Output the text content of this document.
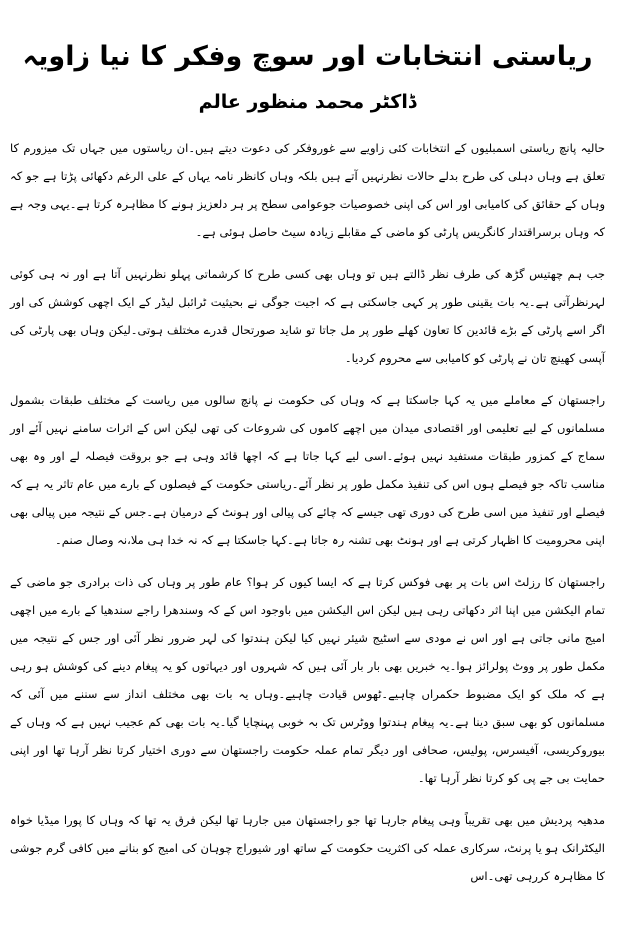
ریاستی انتخابات اور سوچ وفکر کا نیا زاویہ
ڈاکٹر محمد منظور عالم

حالیہ پانچ ریاستی اسمبلیوں کے انتخابات کئی زاویے سے غوروفکر کی دعوت دیتے ہیں۔ان ریاستوں میں جہاں تک میزورم کا تعلق ہے وہاں دہلی کی طرح بدلے حالات نظرنہیں آتے ہیں بلکہ وہاں کانظر نامہ یہاں کے علی الرغم دکھائی پڑتا ہے جو کہ وہاں کے حقائق کی کامیابی اور اس کی اپنی خصوصیات جوعوامی سطح پر ہر دلعزیز ہونے کا مظاہرہ کرتا ہے۔یہی وجہ ہے کہ وہاں برسراقتدار کانگریس پارٹی کو ماضی کے مقابلے زیادہ سیٹ حاصل ہوئی ہے۔

جب ہم چھتیس گڑھ کی طرف نظر ڈالتے ہیں تو وہاں بھی کسی طرح کا کرشماتی پہلو نظرنہیں آتا ہے اور نہ ہی کوئی لہرنظرآتی ہے۔یہ بات یقینی طور پر کہی جاسکتی ہے کہ اجیت جوگی نے بحیثیت ٹرائبل لیڈر کے ایک اچھی کوشش کی اور اگر اسے پارٹی کے بڑے قائدین کا تعاون کھلے طور پر مل جاتا تو شاید صورتحال قدرے مختلف ہوتی۔لیکن وہاں بھی پارٹی کی آپسی کھینچ تان نے پارٹی کو کامیابی سے محروم کردیا۔

راجستھان کے معاملے میں یہ کہا جاسکتا ہے کہ وہاں کی حکومت نے پانچ سالوں میں ریاست کے مختلف طبقات بشمول مسلمانوں کے لیے تعلیمی اور اقتصادی میدان میں اچھے کاموں کی شروعات کی تھی لیکن اس کے اثرات سامنے نہیں آئے اور سماج کے کمزور طبقات مستفید نہیں ہوئے۔اسی لیے کہا جاتا ہے کہ اچھا قائد وہی ہے جو بروقت فیصلہ لے اور وہ بھی مناسب تاکہ جو فیصلے ہوں اس کی تنفیذ مکمل طور پر نظر آئے۔ریاستی حکومت کے فیصلوں کے بارے میں عام تاثر یہ ہے کہ فیصلے اور تنفیذ میں اسی طرح کی دوری تھی جیسے کہ چائے کی پیالی اور ہونٹ کے درمیان ہے۔جس کے نتیجہ میں پیالی بھی اپنی محرومیت کا اظہار کرتی ہے اور ہونٹ بھی تشنہ رہ جاتا ہے۔کہا جاسکتا ہے کہ نہ خدا ہی ملا،نہ وصال صنم۔

راجستھان کا رزلٹ اس بات پر بھی فوکس کرتا ہے کہ ایسا کیوں کر ہوا؟ عام طور پر وہاں کی ذات برادری جو ماضی کے تمام الیکشن میں اپنا اثر دکھاتی رہی ہیں لیکن اس الیکشن میں باوجود اس کے کہ وسندھرا راجے سندھیا کے بارے میں اچھی امیج مانی جاتی ہے اور اس نے مودی سے اسٹیج شیئر نہیں کیا لیکن ہندتوا کی لہر ضرور نظر آئی اور جس کے نتیجہ میں مکمل طور پر ووٹ پولرائز ہوا۔یہ خبریں بھی بار بار آئی ہیں کہ شہروں اور دیہاتوں کو یہ پیغام دینے کی کوشش ہو رہی ہے کہ ملک کو ایک مضبوط حکمراں چاہیے۔ٹھوس قیادت چاہیے۔وہاں یہ بات بھی مختلف انداز سے سننے میں آئی کہ مسلمانوں کو بھی سبق دینا ہے۔یہ پیغام ہندتوا ووٹرس تک بہ خوبی پہنچایا گیا۔یہ بات بھی کم عجیب نہیں ہے کہ وہاں کے بیوروکریسی، آفیسرس، پولیس، صحافی اور دیگر تمام عملہ حکومت راجستھان سے دوری اختیار کرتا نظر آرہا تھا اور اپنی حمایت بی جے پی کو کرتا نظر آرہا تھا۔

مدھیہ پردیش میں بھی تقریباً وہی پیغام جارہا تھا جو راجستھان میں جارہا تھا لیکن فرق یہ تھا کہ وہاں کا پورا میڈیا خواہ الیکٹرانک ہو یا پرنٹ، سرکاری عملہ کی اکثریت حکومت کے ساتھ اور شیوراج چوہان کی امیج کو بنانے میں کافی گرم جوشی کا مظاہرہ کررہی تھی۔اس
